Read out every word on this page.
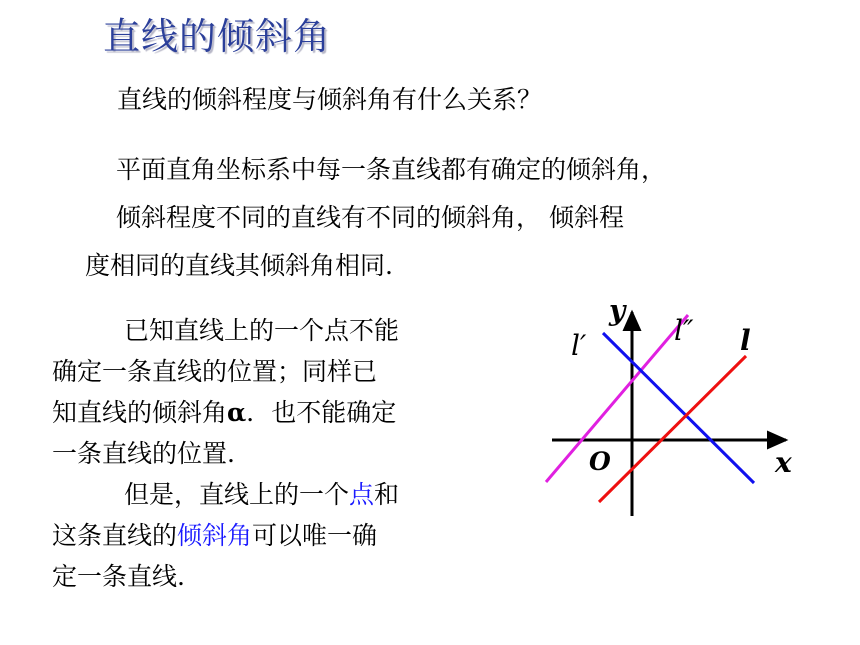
直线的倾斜角
直线的倾斜程度与倾斜角有什么关系？
平面直角坐标系中每一条直线都有确定的倾斜角，
倾斜程度不同的直线有不同的倾斜角， 倾斜程
度相同的直线其倾斜角相同.
已知直线上的一个点不能
确定一条直线的位置；同样已
知直线的倾斜角α．也不能确定
一条直线的位置.
但是，直线上的一个点和
这条直线的倾斜角可以唯一确
定一条直线.
y
x
O
l′	l″ l
